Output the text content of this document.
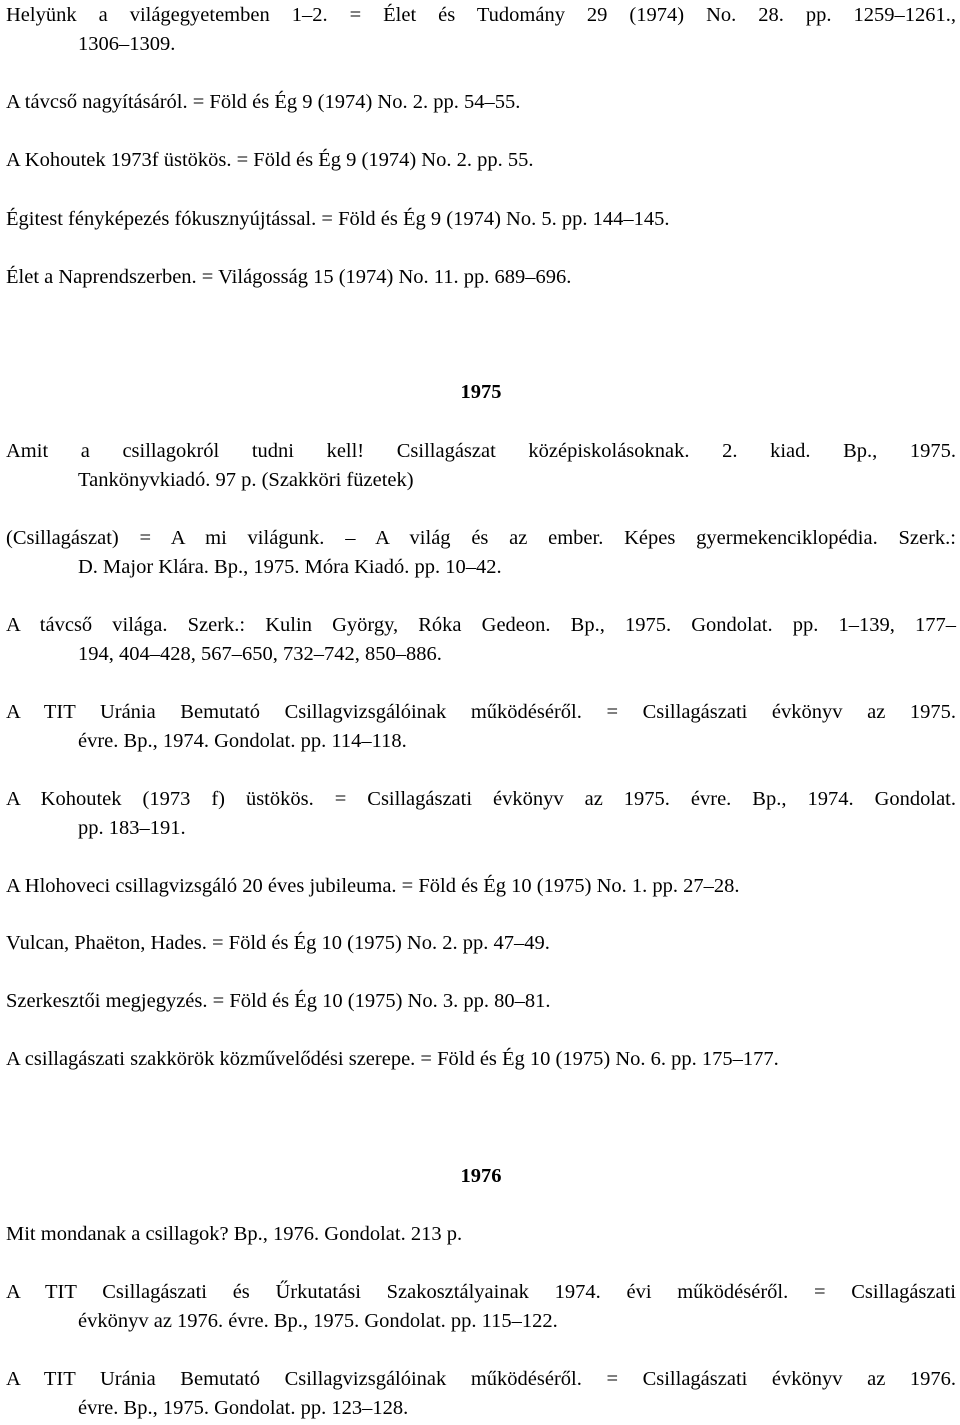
Helyünk a világegyetemben 1–2. = Élet és Tudomány 29 (1974) No. 28. pp. 1259–1261.,
1306–1309.
A távcső nagyításáról. = Föld és Ég 9 (1974) No. 2. pp. 54–55.
A Kohoutek 1973f üstökös. = Föld és Ég 9 (1974) No. 2. pp. 55.
Égitest fényképezés fókusznyújtással. = Föld és Ég 9 (1974) No. 5. pp. 144–145.
Élet a Naprendszerben. = Világosság 15 (1974) No. 11. pp. 689–696.
1975
Amit a csillagokról tudni kell! Csillagászat középiskolásoknak. 2. kiad. Bp., 1975.
Tankönyvkiadó. 97 p. (Szakköri füzetek)
(Csillagászat) = A mi világunk. – A világ és az ember. Képes gyermekenciklopédia. Szerk.:
D. Major Klára. Bp., 1975. Móra Kiadó. pp. 10–42.
A távcső világa. Szerk.: Kulin György, Róka Gedeon. Bp., 1975. Gondolat. pp. 1–139, 177–
194, 404–428, 567–650, 732–742, 850–886.
A TIT Uránia Bemutató Csillagvizsgálóinak működéséről. = Csillagászati évkönyv az 1975.
évre. Bp., 1974. Gondolat. pp. 114–118.
A Kohoutek (1973 f) üstökös. = Csillagászati évkönyv az 1975. évre. Bp., 1974. Gondolat.
pp. 183–191.
A Hlohoveci csillagvizsgáló 20 éves jubileuma. = Föld és Ég 10 (1975) No. 1. pp. 27–28.
Vulcan, Phaëton, Hades. = Föld és Ég 10 (1975) No. 2. pp. 47–49.
Szerkesztői megjegyzés. = Föld és Ég 10 (1975) No. 3. pp. 80–81.
A csillagászati szakkörök közművelődési szerepe. = Föld és Ég 10 (1975) No. 6. pp. 175–177.
1976
Mit mondanak a csillagok? Bp., 1976. Gondolat. 213 p.
A TIT Csillagászati és Űrkutatási Szakosztályainak 1974. évi működéséről. = Csillagászati
évkönyv az 1976. évre. Bp., 1975. Gondolat. pp. 115–122.
A TIT Uránia Bemutató Csillagvizsgálóinak működéséről. = Csillagászati évkönyv az 1976.
évre. Bp., 1975. Gondolat. pp. 123–128.
